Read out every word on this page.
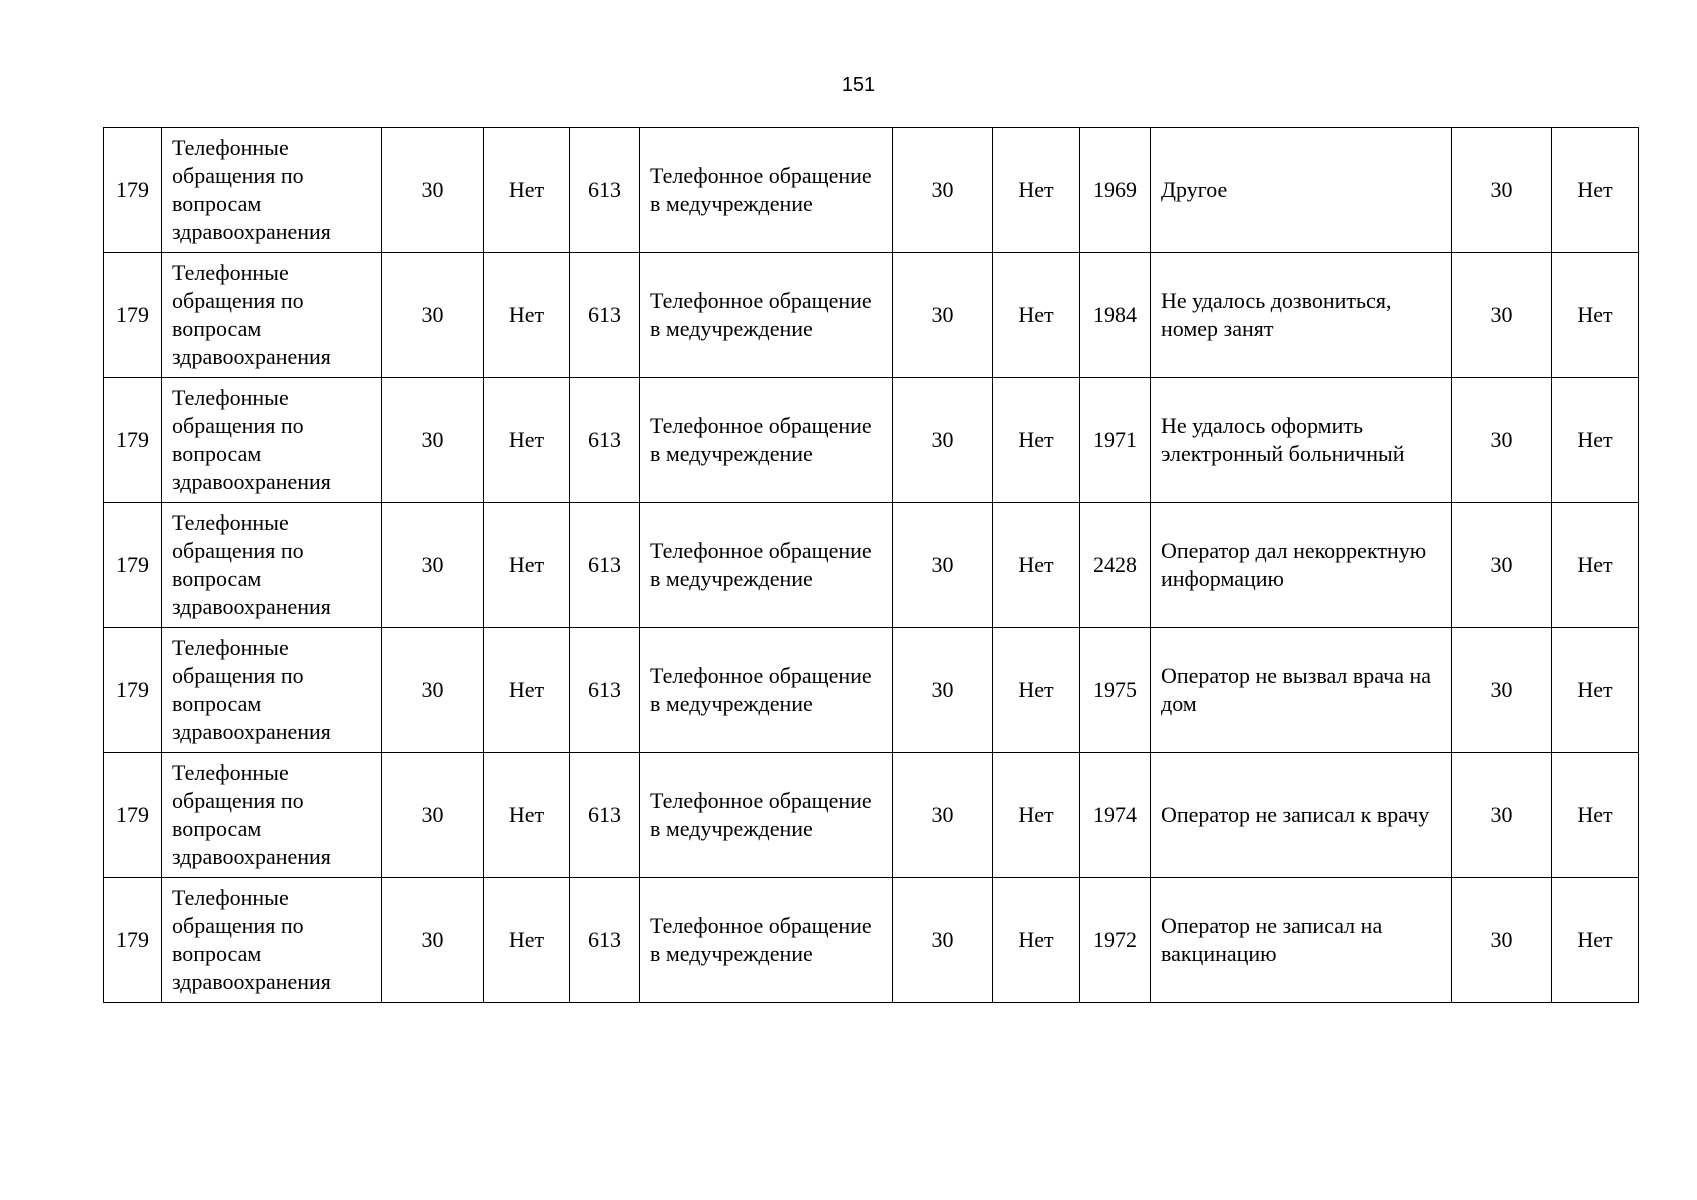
151
179	Телефонные обращения по вопросам здравоохранения	30	Нет	613	Телефонное обращение в медучреждение	30	Нет	1969	Другое	30	Нет
179	Телефонные обращения по вопросам здравоохранения	30	Нет	613	Телефонное обращение в медучреждение	30	Нет	1984	Не удалось дозвониться, номер занят	30	Нет
179	Телефонные обращения по вопросам здравоохранения	30	Нет	613	Телефонное обращение в медучреждение	30	Нет	1971	Не удалось оформить электронный больничный	30	Нет
179	Телефонные обращения по вопросам здравоохранения	30	Нет	613	Телефонное обращение в медучреждение	30	Нет	2428	Оператор дал некорректную информацию	30	Нет
179	Телефонные обращения по вопросам здравоохранения	30	Нет	613	Телефонное обращение в медучреждение	30	Нет	1975	Оператор не вызвал врача на дом	30	Нет
179	Телефонные обращения по вопросам здравоохранения	30	Нет	613	Телефонное обращение в медучреждение	30	Нет	1974	Оператор не записал к врачу	30	Нет
179	Телефонные обращения по вопросам здравоохранения	30	Нет	613	Телефонное обращение в медучреждение	30	Нет	1972	Оператор не записал на вакцинацию	30	Нет
